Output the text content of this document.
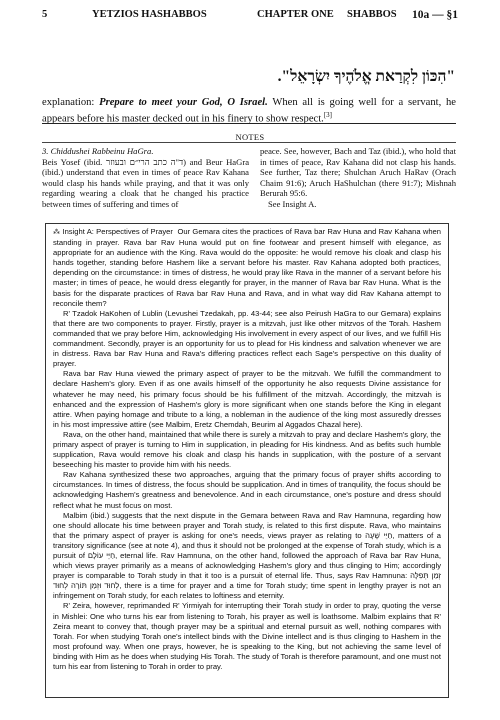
5	YETZIOS HASHABBOS	CHAPTER ONE SHABBOS 10a — §1
"הִכּוֹן לִקְרַאת אֱלֹהֶיךָ יִשְׂרָאֵל".
explanation: Prepare to meet your God, O Israel. When all is going well for a servant, he appears before his master decked out in his finery to show respect.[3]
NOTES
3. Chiddushei Rabbeinu HaGra.
Beis Yosef (ibid. ד"ה כתב הרי״ם ובעוזר) and Beur HaGra (ibid.) understand that even in times of peace Rav Kahana would clasp his hands while praying, and that it was only regarding wearing a cloak that he changed his practice between times of suffering and times of
peace. See, however, Bach and Taz (ibid.), who hold that in times of peace, Rav Kahana did not clasp his hands. See further, Taz there; Shulchan Aruch HaRav (Orach Chaim 91:6); Aruch HaShulchan (there 91:7); Mishnah Berurah 95:6.
See Insight A.

⁂ Insight A: Perspectives of Prayer Our Gemara cites the practices of Rava bar Rav Huna and Rav Kahana when standing in prayer. Rava bar Rav Huna would put on fine footwear and present himself with elegance, as appropriate for an audience with the King. Rava would do the opposite: he would remove his cloak and clasp his hands together, standing before Hashem like a servant before his master. Rav Kahana adopted both practices, depending on the circumstance: in times of distress, he would pray like Rava in the manner of a servant before his master; in times of peace, he would dress elegantly for prayer, in the manner of Rava bar Rav Huna. What is the basis for the disparate practices of Rava bar Rav Huna and Rava, and in what way did Rav Kahana attempt to reconcile them?

R' Tzadok HaKohen of Lublin (Levushei Tzedakah, pp. 43-44; see also Peirush HaGra to our Gemara) explains that there are two components to prayer. Firstly, prayer is a mitzvah, just like other mitzvos of the Torah. Hashem commanded that we pray before Him, acknowledging His involvement in every aspect of our lives, and we fulfill His commandment. Secondly, prayer is an opportunity for us to plead for His kindness and salvation whenever we are in distress. Rava bar Rav Huna and Rava's differing practices reflect each Sage's perspective on this duality of prayer.

Rava bar Rav Huna viewed the primary aspect of prayer to be the mitzvah. We fulfill the commandment to declare Hashem's glory. Even if as one avails himself of the opportunity he also requests Divine assistance for whatever he may need, his primary focus should be his fulfillment of the mitzvah. Accordingly, the mitzvah is enhanced and the expression of Hashem's glory is more significant when one stands before the King in elegant attire. When paying homage and tribute to a king, a nobleman in the audience of the king most assuredly dresses in his most impressive attire (see Malbim, Eretz Chemdah, Beurim al Aggados Chazal here).

Rava, on the other hand, maintained that while there is surely a mitzvah to pray and declare Hashem's glory, the primary aspect of prayer is turning to Him in supplication, in pleading for His kindness. And as befits such humble supplication, Rava would remove his cloak and clasp his hands in supplication, with the posture of a servant beseeching his master to provide him with his needs.

Rav Kahana synthesized these two approaches, arguing that the primary focus of prayer shifts according to circumstances. In times of distress, the focus should be supplication. And in times of tranquility, the focus should be acknowledging Hashem's greatness and benevolence. And in each circumstance, one's posture and dress should reflect what he must focus on most.

Malbim (ibid.) suggests that the next dispute in the Gemara between Rava and Rav Hamnuna, regarding how one should allocate his time between prayer and Torah study, is related to this first dispute. Rava, who maintains that the primary aspect of prayer is asking for one's needs, views prayer as relating to חַיֵּי שָׁעָה, matters of a transitory significance (see at note 4), and thus it should not be prolonged at the expense of Torah study, which is a pursuit of חַיֵּי עוֹלָם, eternal life. Rav Hamnuna, on the other hand, followed the approach of Rava bar Rav Huna, which views prayer primarily as a means of acknowledging Hashem's glory and thus clinging to Him; accordingly prayer is comparable to Torah study in that it too is a pursuit of eternal life. Thus, says Rav Hamnuna: זְמַן תְּפִלָּה לְחוּד וּזְמַן תּוֹרָה לְחוּד, there is a time for prayer and a time for Torah study; time spent in lengthy prayer is not an infringement on Torah study, for each relates to loftiness and eternity.

R' Zeira, however, reprimanded R' Yirmiyah for interrupting their Torah study in order to pray, quoting the verse in Mishlei: One who turns his ear from listening to Torah, his prayer as well is loathsome. Malbim explains that R' Zeira meant to convey that, though prayer may be a spiritual and eternal pursuit as well, nothing compares with Torah. For when studying Torah one's intellect binds with the Divine intellect and is thus clinging to Hashem in the most profound way. When one prays, however, he is speaking to the King, but not achieving the same level of binding with Him as he does when studying His Torah. The study of Torah is therefore paramount, and one must not turn his ear from listening to Torah in order to pray.
